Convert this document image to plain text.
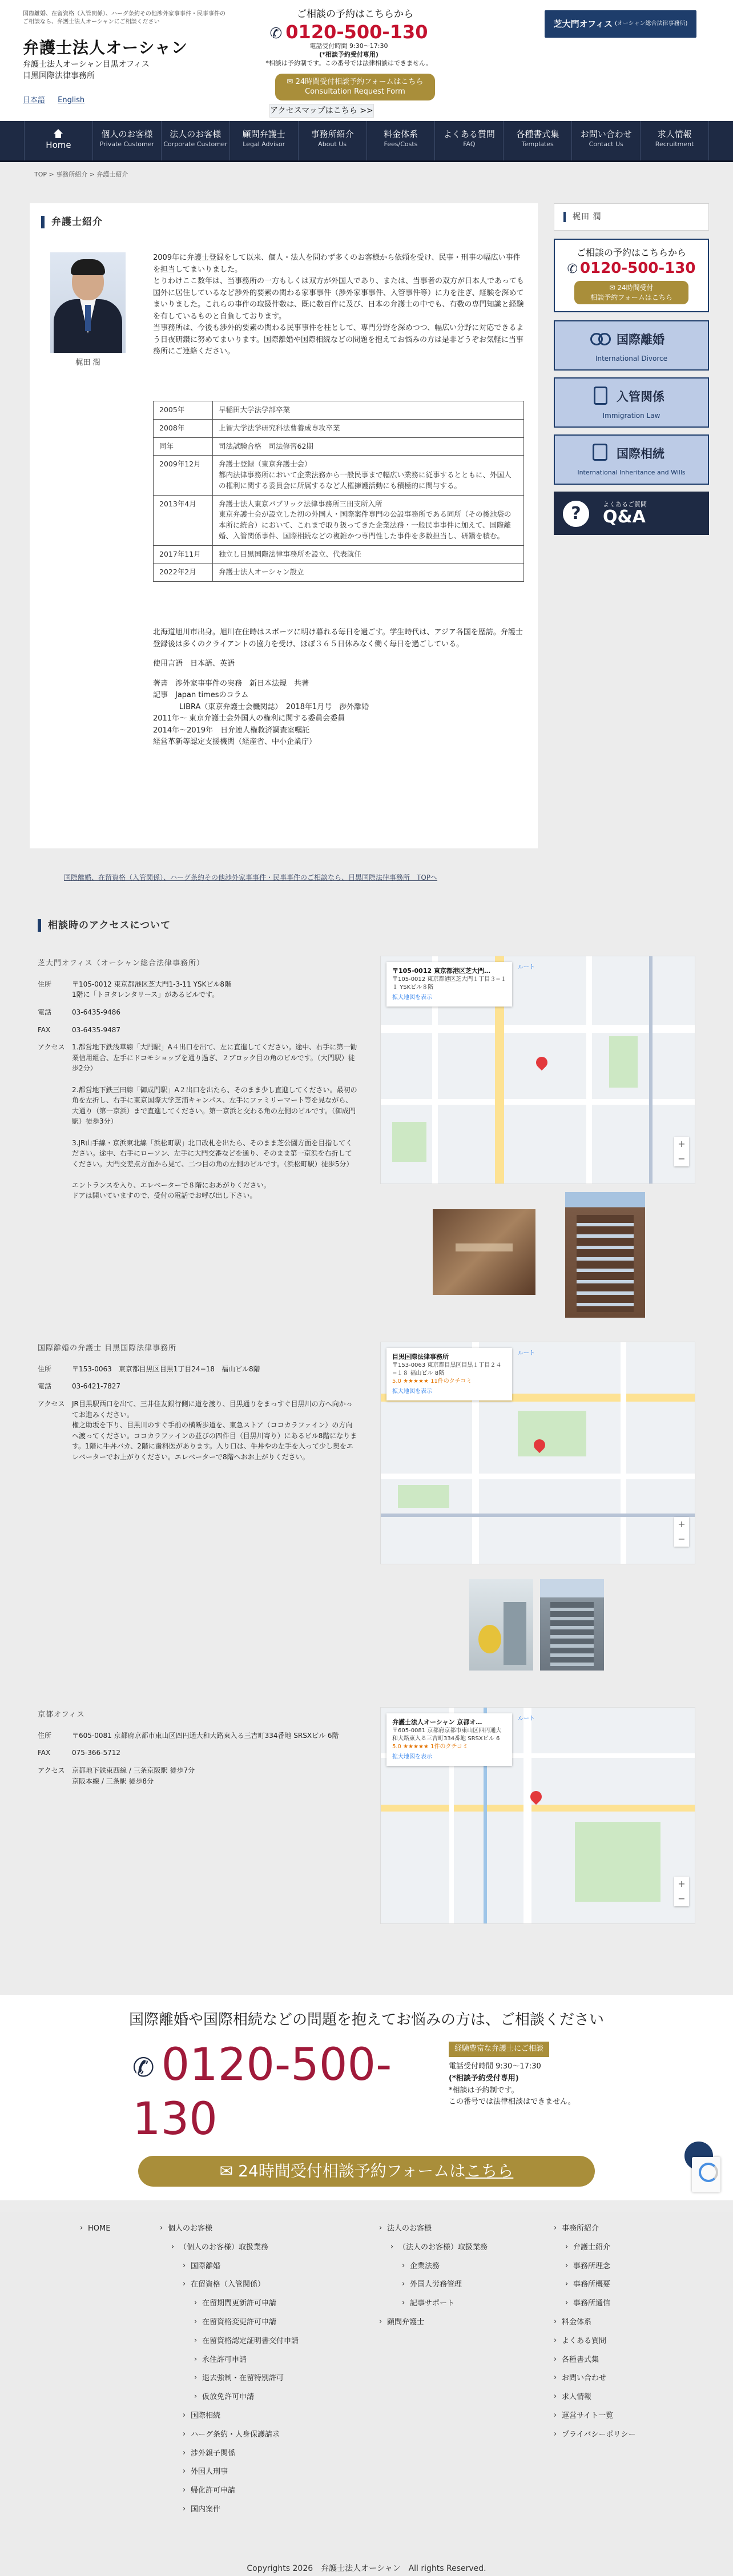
国際離婚、在留資格（入管関係）、ハーグ条約その他涉外家事事件・民事事件のご相談なら、弁護士法人オーシャンにご相談ください
弁護士法人オーシャン
弁護士法人オーシャン目黒オフィス
目黒国際法律事務所
日本語 English
ご相談の予約はこちらから
✆ 0120-500-130
電話受付時間 9:30〜17:30
(*相談予約受付専用)
*相談は予約制です。この番号では法律相談はできません。
✉ 24時間受付相談予約フォームはこちら
Consultation Request Form
アクセスマップはこちら >>
芝大門オフィス (オーシャン総合法律事務所)
Home
個人のお客様
Private Customer
法人のお客様
Corporate Customer
顧問弁護士
Legal Advisor
事務所紹介
About Us
料金体系
Fees/Costs
よくある質問
FAQ
各種書式集
Templates
お問い合わせ
Contact Us
求人情報
Recruitment
TOP > 事務所紹介 > 弁護士紹介
弁護士紹介
梶田 潤

2009年に弁護士登録をして以来、個人・法人を問わず多くのお客様から依頼を受け、民事・刑事の幅広い事件を担当してまいりました。

とりわけここ数年は、当事務所の一方もしくは双方が外国人であり、または、当事者の双方が日本人であっても国外に居住しているなど渉外的要素の関わる家事事件（渉外家事事件、入管事件等）に力を注ぎ、経験を深めてまいりました。これらの事件の取扱件数は、既に数百件に及び、日本の弁護士の中でも、有数の専門知識と経験を有しているものと自負しております。

当事務所は、今後も涉外的要素の関わる民事事件を柱として、専門分野を深めつつ、幅広い分野に対応できるよう日夜研鑽に努めてまいります。国際離婚や国際相続などの問題を抱えてお悩みの方は是非どうぞお気軽に当事務所にご連絡ください。

2005年	早稲田大学法学部卒業
2008年	上智大学法学研究科法曹養成専攻卒業
同年	司法試験合格　司法修習62期
2009年12月	弁護士登録（東京弁護士会）
都内法律事務所において企業法務から一般民事まで幅広い業務に従事するとともに、外国人の権利に関する委員会に所属するなど人権擁護活動にも積極的に関与する。
2013年4月	弁護士法人東京パブリック法律事務所三田支所入所
東京弁護士会が設立した初の外国人・国際案件専門の公設事務所である同所（その後池袋の本所に統合）において、これまで取り扱ってきた企業法務・一般民事事件に加えて、国際離婚、入管関係事件、国際相続などの複雑かつ専門性した事件を多数担当し、研鑽を積む。
2017年11月	独立し目黒国際法律事務所を設立、代表就任
2022年2月	弁護士法人オーシャン設立

北海道旭川市出身。旭川在住時はスポーツに明け暮れる毎日を過ごす。学生時代は、アジア各国を歴訪。弁護士登録後は多くのクライアントの協力を受け、ほぼ３６５日休みなく働く毎日を過ごしている。

使用言語　日本語、英語

著書　渉外家事事件の実務　新日本法規　共著

記事　Japan timesのコラム

LIBRA（東京弁護士会機関誌）　2018年1月号　渉外離婚

2011年〜 東京弁護士会外国人の権利に関する委員会委員

2014年〜2019年　日弁連人権救済調査室嘱託

経営革新等認定支援機関（経産省、中小企業庁）

梶田 潤
ご相談の予約はこちらから
✆ 0120-500-130
✉ 24時間受付
相談予約フォームはこちら
国際離婚
International Divorce
入管関係
Immigration Law
国際相続
International Inheritance and Wills
?	よくあるご質問
Q&A
国際離婚、在留資格（入管関係）、ハーグ条約その他渉外家事事件・民事事件のご相談なら、目黒国際法律事務所　TOPへ
相談時のアクセスについて
芝大門オフィス（オーシャン総合法律事務所）
住所	〒105-0012 東京都港区芝大門1-3-11 YSKビル8階
1階に「トヨタレンタリース」があるビルです。
電話	03-6435-9486
FAX	03-6435-9487
アクセス	1.都営地下鉄浅草線「大門駅」A４出口を出て、左に直進してください。途中、右手に第一勧業信用組合、左手にドコモショップを通り過ぎ、２ブロック目の角のビルです。（大門駅）徒歩2分）

2.都営地下鉄三田線「御成門駅」A２出口を出たら、そのまま少し直進してください。最初の角を左折し、右手に東京国際大学芝浦キャンパス、左手にファミリーマート等を見ながら、大通り（第一京浜）まで直進してください。第一京浜と交わる角の左側のビルです。（御成門駅）徒歩3分）

3.JR山手線・京浜東北線「浜松町駅」北口改札を出たら、そのまま芝公園方面を目指してください。途中、右手にローソン、左手に大門交番などを通り、そのまま第一京浜を右折してください。大門交差点方面から見て、二つ目の角の左側のビルです。（浜松町駅）徒歩5分）

エントランスを入り、エレベーターで８階におあがりください。
ドアは開いていますので、受付の電話でお呼び出し下さい。
〒105-0012 東京都港区芝大門…
〒105-0012 東京都港区芝大門１丁目３−１１ YSKビル８階
拡大地図を表示
ルート
+
−
国際離婚の弁護士 目黒国際法律事務所
住所	〒153-0063　東京都目黒区目黒1丁目24−18　福山ビル8階
電話	03-6421-7827
アクセス	JR目黒駅西口を出て、三井住友銀行側に道を渡り、目黒通りをまっすぐ目黒川の方へ向かってお進みください。
権之助坂を下り、目黒川のすぐ手前の横断歩道を、東急ストア（ココカラファイン）の方向へ渡ってください。ココカラファインの並びの四件目（目黒川寄り）にあるビル8階になります。1階に牛丼バカ、2階に歯科医があります。入り口は、牛丼やの左手を入って少し奥をエレベーターでお上がりください。エレベーターで8階へおお上がりください。
目黒国際法律事務所
〒153-0063 東京都目黒区目黒１丁目２４−１８ 福山ビル 8階
5.0 ★★★★★ 11件のクチコミ
拡大地図を表示
ルート
+
−
京都オフィス
住所	〒605-0081 京都府京都市東山区四円通大和大路東入る三吉町334番地 SRSXビル 6階
FAX	075-366-5712
アクセス	京都地下鉄東西線 / 三条京阪駅 徒歩7分
京阪本線 / 三条駅 徒歩8分
弁護士法人オーシャン 京都オ…
〒605-0081 京都府京都市東山区四円通大和大路東入る三吉町334番地 SRSXビル 6
5.0 ★★★★★ 1件のクチコミ
拡大地図を表示
ルート
+
−
国際離婚や国際相続などの問題を抱えてお悩みの方は、ご相談ください
✆ 0120-500-
130
経験豊富な弁護士にご相談
電話受付時間 9:30〜17:30
(*相談予約受付専用)
*相談は予約制です。
この番号では法律相談はできません。
✉ 24時間受付相談予約フォームはこちら
› HOME	› 個人のお客様
› （個人のお客様）取扱業務
› 国際離婚
› 在留資格（入管関係）
› 在留期間更新許可申請
› 在留資格変更許可申請
› 在留資格認定証明書交付申請
› 永住許可申請
› 退去強制・在留特別許可
› 仮放免許可申請
› 国際相続
› ハーグ条約・人身保護請求
› 涉外親子関係
› 外国人刑事
› 帰化許可申請
› 国内案件
› 法人のお客様
› （法人のお客様）取扱業務
› 企業法務
› 外国人労務管理
› 記事サポート
› 顧問弁護士
› 事務所紹介
› 弁護士紹介
› 事務所理念
› 事務所概要
› 事務所通信
› 料金体系
› よくある質問
› 各種書式集
› お問い合わせ
› 求人情報
› 運営サイト一覧
› プライバシーポリシー
Copyrights 2026　弁護士法人オーシャン　All rights Reserved.
